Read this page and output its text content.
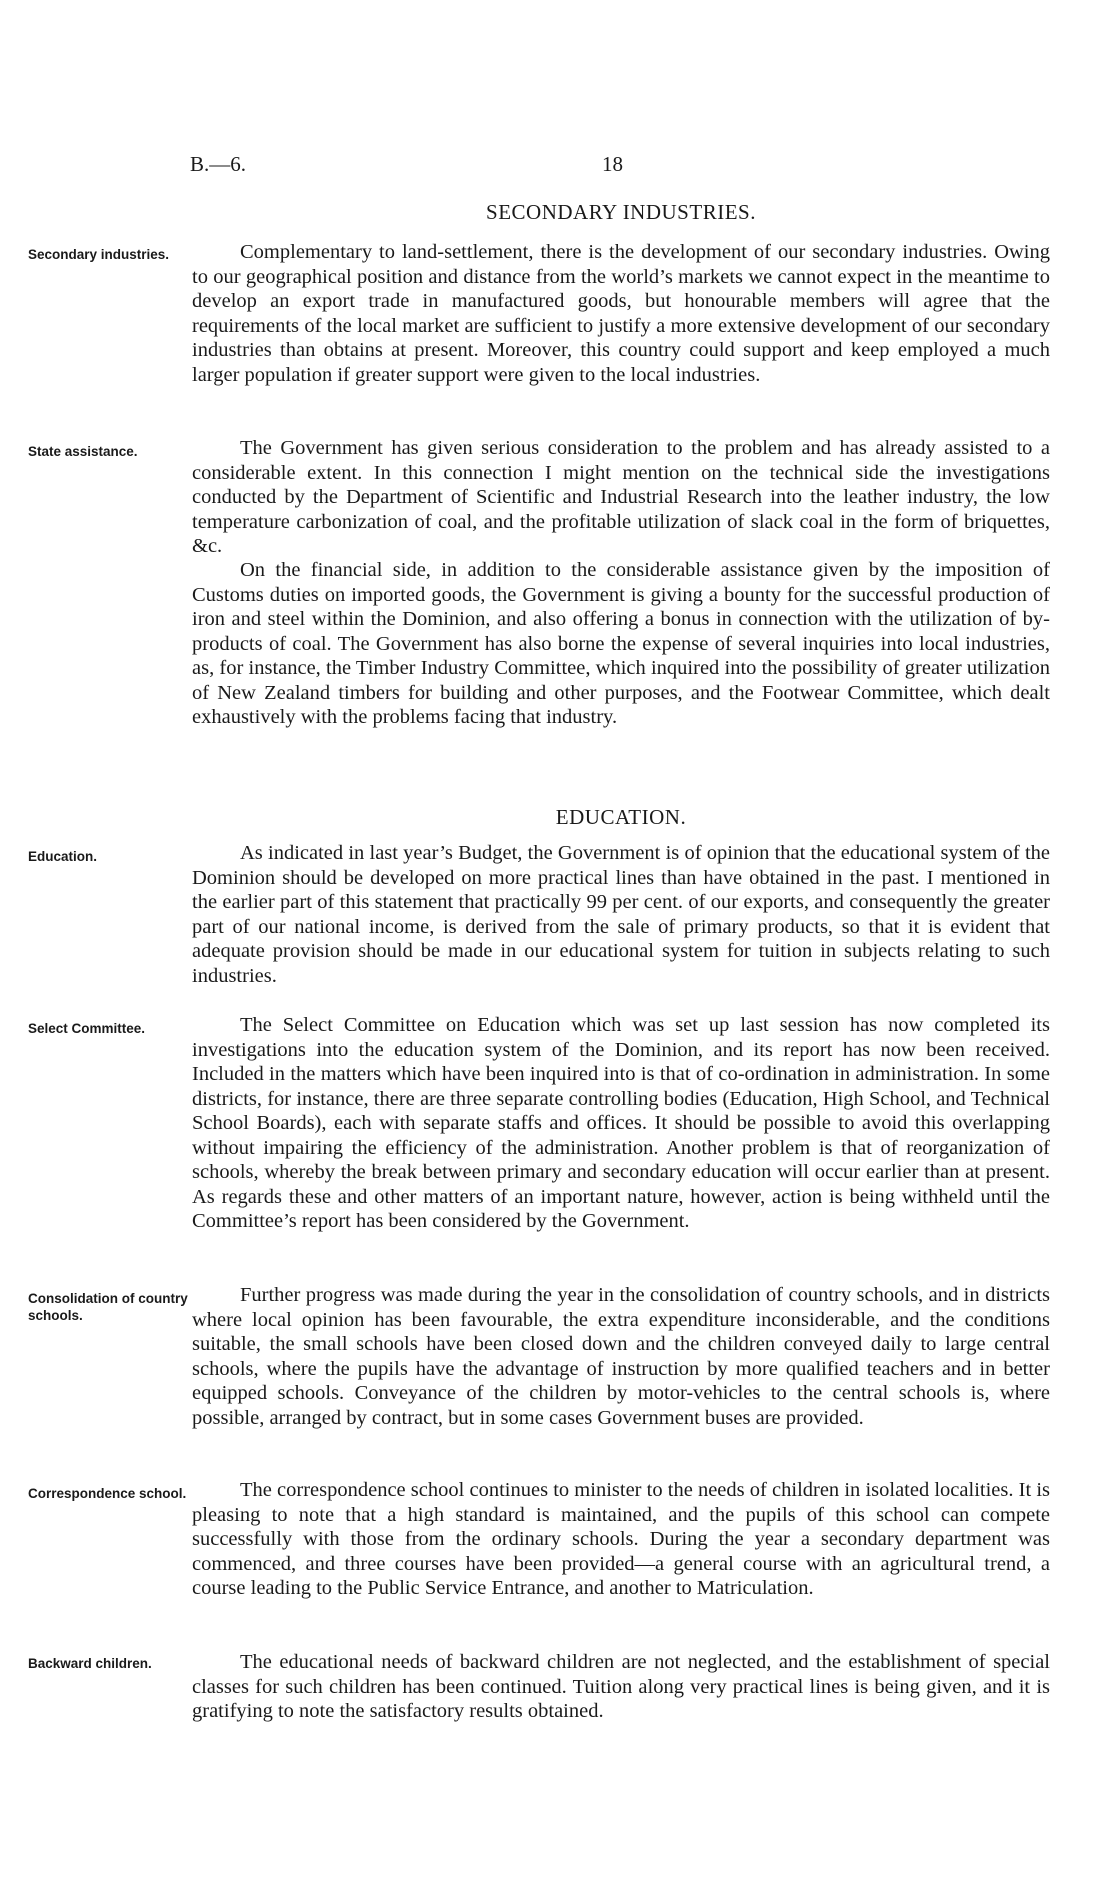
B.—6.	18
SECONDARY INDUSTRIES.
Secondary industries.	Complementary to land-settlement, there is the development of our secondary industries. Owing to our geographical position and distance from the world’s markets we cannot expect in the meantime to develop an export trade in manufactured goods, but honourable members will agree that the requirements of the local market are sufficient to justify a more extensive development of our secondary industries than obtains at present. Moreover, this country could support and keep employed a much larger population if greater support were given to the local industries.

State assistance.	The Government has given serious consideration to the problem and has already assisted to a considerable extent. In this connection I might mention on the technical side the investigations conducted by the Department of Scientific and Industrial Research into the leather industry, the low temperature carbonization of coal, and the profitable utilization of slack coal in the form of briquettes, &c.

On the financial side, in addition to the considerable assistance given by the imposition of Customs duties on imported goods, the Government is giving a bounty for the successful production of iron and steel within the Dominion, and also offering a bonus in connection with the utilization of by-products of coal. The Government has also borne the expense of several inquiries into local industries, as, for instance, the Timber Industry Committee, which inquired into the possibility of greater utilization of New Zealand timbers for building and other purposes, and the Footwear Committee, which dealt exhaustively with the problems facing that industry.

EDUCATION.
Education.	As indicated in last year’s Budget, the Government is of opinion that the educational system of the Dominion should be developed on more practical lines than have obtained in the past. I mentioned in the earlier part of this statement that practically 99 per cent. of our exports, and consequently the greater part of our national income, is derived from the sale of primary products, so that it is evident that adequate provision should be made in our educational system for tuition in subjects relating to such industries.

Select Committee.	The Select Committee on Education which was set up last session has now completed its investigations into the education system of the Dominion, and its report has now been received. Included in the matters which have been inquired into is that of co-ordination in administration. In some districts, for instance, there are three separate controlling bodies (Education, High School, and Technical School Boards), each with separate staffs and offices. It should be possible to avoid this overlapping without impairing the efficiency of the administration. Another problem is that of reorganization of schools, whereby the break between primary and secondary education will occur earlier than at present. As regards these and other matters of an important nature, however, action is being withheld until the Committee’s report has been considered by the Government.

Consolidation of country schools.

Further progress was made during the year in the consolidation of country schools, and in districts where local opinion has been favourable, the extra expenditure inconsiderable, and the conditions suitable, the small schools have been closed down and the children conveyed daily to large central schools, where the pupils have the advantage of instruction by more qualified teachers and in better equipped schools. Conveyance of the children by motor-vehicles to the central schools is, where possible, arranged by contract, but in some cases Government buses are provided.

Correspondence school.	The correspondence school continues to minister to the needs of children in isolated localities. It is pleasing to note that a high standard is maintained, and the pupils of this school can compete successfully with those from the ordinary schools. During the year a secondary department was commenced, and three courses have been provided—a general course with an agricultural trend, a course leading to the Public Service Entrance, and another to Matriculation.

Backward children.	The educational needs of backward children are not neglected, and the establishment of special classes for such children has been continued. Tuition along very practical lines is being given, and it is gratifying to note the satisfactory results obtained.
